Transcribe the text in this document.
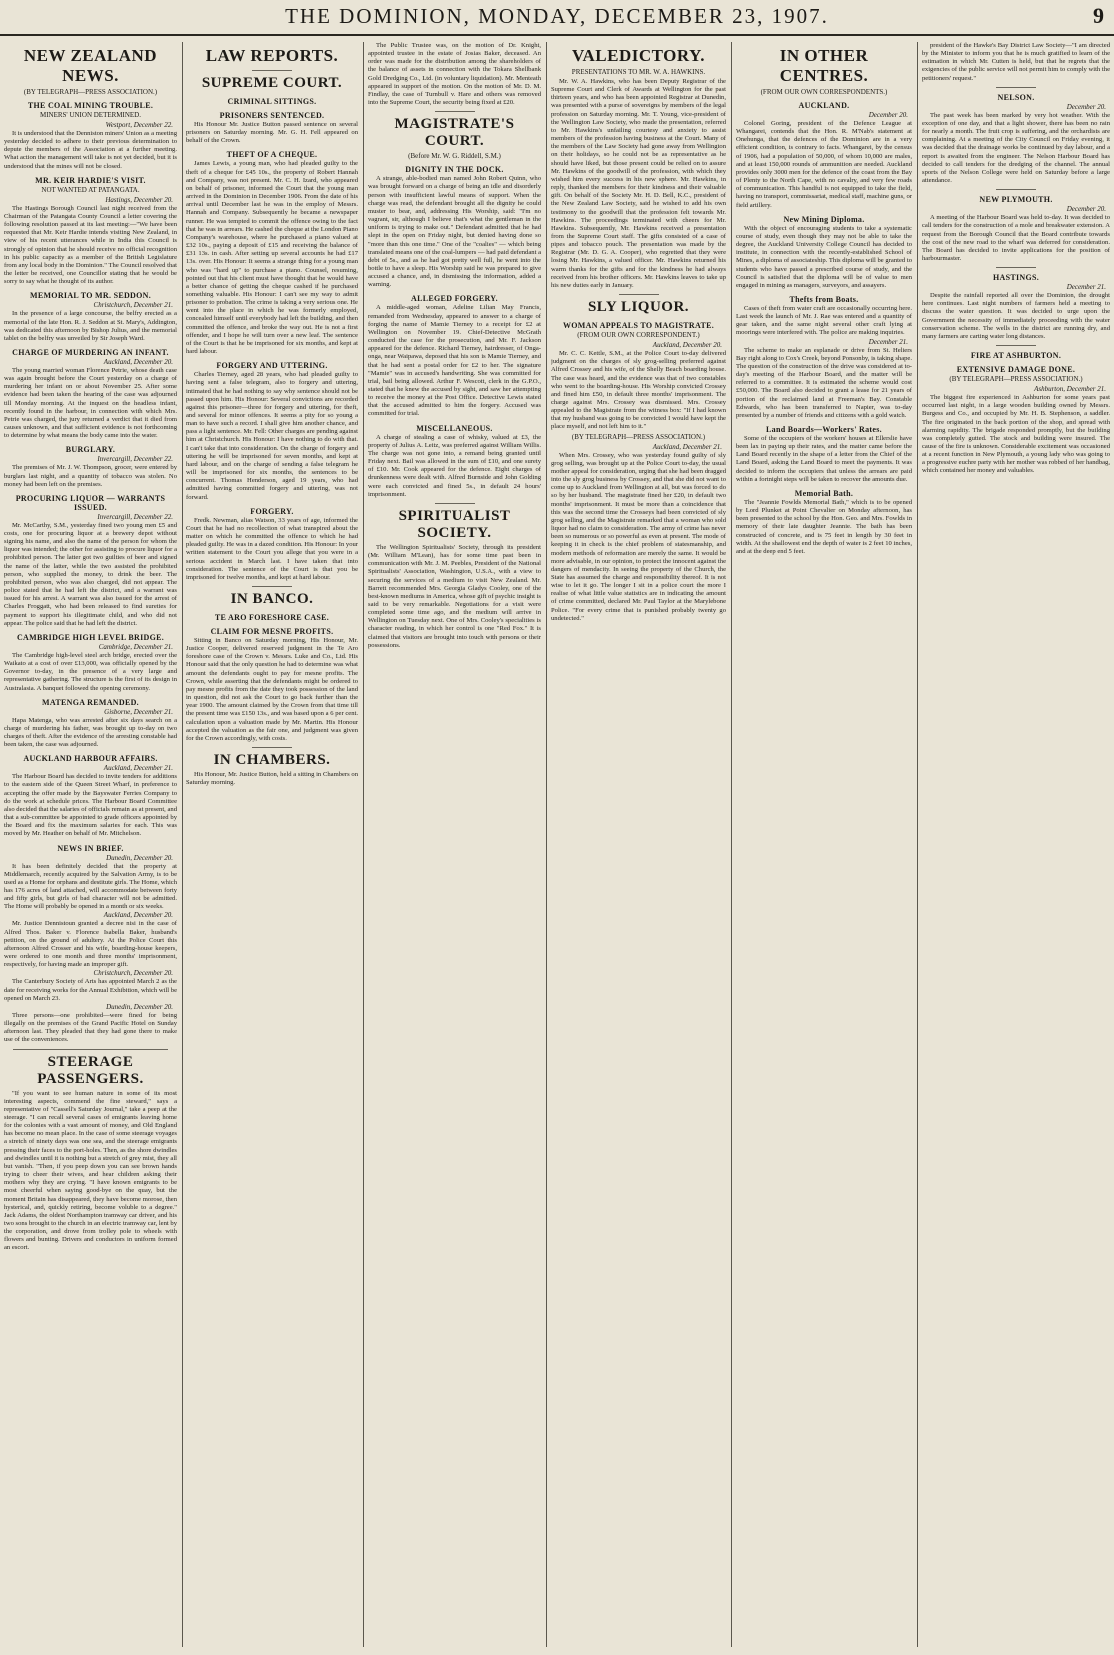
THE DOMINION, MONDAY, DECEMBER 23, 1907.	9
NEW ZEALAND NEWS.
(BY TELEGRAPH—PRESS ASSOCIATION.)
THE COAL MINING TROUBLE.
MINERS' UNION DETERMINED.
Westport, December 22.

It is understood that the Denniston miners' Union as a meeting yesterday decided to adhere to their previous determination to depute the members of the Association at a further meeting. What action the management will take is not yet decided, but it is understood that the mines will not be closed.

MR. KEIR HARDIE'S VISIT.
NOT WANTED AT PATANGATA.
Hastings, December 20.

The Hastings Borough Council last night received from the Chairman of the Patangata County Council a letter covering the following resolution passed at its last meeting:—"We have been requested that Mr. Keir Hardie intends visiting New Zealand, in view of his recent utterances while in India this Council is strongly of opinion that he should receive no official recognition in his public capacity as a member of the British Legislature from any local body in the Dominion." The Council resolved that the letter be received, one Councillor stating that he would be sorry to say what he thought of its author.

MEMORIAL TO MR. SEDDON.
Christchurch, December 21.

In the presence of a large concourse, the belfry erected as a memorial of the late Hon. R. J. Seddon at St. Mary's, Addington, was dedicated this afternoon by Bishop Julius, and the memorial tablet on the belfry was unveiled by Sir Joseph Ward.

CHARGE OF MURDERING AN INFANT.
Auckland, December 20.

The young married woman Florence Petrie, whose death case was again brought before the Court yesterday on a charge of murdering her infant on or about November 25. After some evidence had been taken the hearing of the case was adjourned till Monday morning. At the inquest on the headless infant, recently found in the harbour, in connection with which Mrs. Petrie was charged, the jury returned a verdict that it died from causes unknown, and that sufficient evidence is not forthcoming to determine by what means the body came into the water.

BURGLARY.
Invercargill, December 22.

The premises of Mr. J. W. Thompson, grocer, were entered by burglars last night, and a quantity of tobacco was stolen. No money had been left on the premises.

PROCURING LIQUOR — WARRANTS ISSUED.
Invercargill, December 22.

Mr. McCarthy, S.M., yesterday fined two young men £5 and costs, one for procuring liquor at a brewery depot without signing his name, and also the name of the person for whom the liquor was intended; the other for assisting to procure liquor for a prohibited person. The latter got two guilties of beer and signed the name of the latter, while the two assisted the prohibited person, who supplied the money, to drink the beer. The prohibited person, who was also charged, did not appear. The police stated that he had left the district, and a warrant was issued for his arrest. A warrant was also issued for the arrest of Charles Froggatt, who had been released to find sureties for payment to support his illegitimate child, and who did not appear. The police said that he had left the district.

CAMBRIDGE HIGH LEVEL BRIDGE.
Cambridge, December 21.

The Cambridge high-level steel arch bridge, erected over the Waikato at a cost of over £13,000, was officially opened by the Governor to-day, in the presence of a very large and representative gathering. The structure is the first of its design in Australasia. A banquet followed the opening ceremony.

MATENGA REMANDED.
Gisborne, December 21.

Hapa Matenga, who was arrested after six days search on a charge of murdering his father, was brought up to-day on two charges of theft. After the evidence of the arresting constable had been taken, the case was adjourned.

AUCKLAND HARBOUR AFFAIRS.
Auckland, December 21.

The Harbour Board has decided to invite tenders for additions to the eastern side of the Queen Street Wharf, in preference to accepting the offer made by the Bayswater Ferries Company to do the work at schedule prices. The Harbour Board Committee also decided that the salaries of officials remain as at present, and that a sub-committee be appointed to grade officers appointed by the Board and fix the maximum salaries for each. This was moved by Mr. Heather on behalf of Mr. Mitchelson.

NEWS IN BRIEF.
Dunedin, December 20.

It has been definitely decided that the property at Middlemarch, recently acquired by the Salvation Army, is to be used as a Home for orphans and destitute girls. The Home, which has 176 acres of land attached, will accommodate between forty and fifty girls, but girls of bad character will not be admitted. The Home will probably be opened in a month or six weeks.

Auckland, December 20.

Mr. Justice Dennistoun granted a decree nisi in the case of Alfred Thos. Baker v. Florence Isabella Baker, husband's petition, on the ground of adultery. At the Police Court this afternoon Alfred Crosser and his wife, boarding-house keepers, were ordered to one month and three months' imprisonment, respectively, for having made an improper gift.

Christchurch, December 20.

The Canterbury Society of Arts has appointed March 2 as the date for receiving works for the Annual Exhibition, which will be opened on March 23.

Dunedin, December 20.

Three persons—one prohibited—were fined for being illegally on the premises of the Grand Pacific Hotel on Sunday afternoon last. They pleaded that they had gone there to make use of the conveniences.

STEERAGE PASSENGERS.

"If you want to see human nature in some of its most interesting aspects, commend the fine steward," says a representative of "Cassell's Saturday Journal," take a peep at the steerage. "I can recall several cases of emigrants leaving home for the colonies with a vast amount of money, and Old England has become no mean place. In the case of some steerage voyages a stretch of ninety days was one sea, and the steerage emigrants pressing their faces to the port-holes. Then, as the shore dwindles and dwindles until it is nothing but a stretch of grey mist, they all but vanish. "Then, if you peep down you can see brown hands trying to cheer their wives, and hear children asking their mothers why they are crying. "I have known emigrants to be most cheerful when saying good-bye on the quay, but the moment Britain has disappeared, they have become morose, then hysterical, and, quickly retiring, become voluble to a degree." Jack Adams, the oldest Northampton tramway car driver, and his two sons brought to the church in an electric tramway car, lent by the corporation, and drove from trolley pole to wheels with flowers and bunting. Drivers and conductors in uniform formed an escort.

LAW REPORTS.
SUPREME COURT.
CRIMINAL SITTINGS.
PRISONERS SENTENCED.

His Honour Mr. Justice Button passed sentence on several prisoners on Saturday morning. Mr. G. H. Fell appeared on behalf of the Crown.

THEFT OF A CHEQUE.

James Lewis, a young man, who had pleaded guilty to the theft of a cheque for £45 10s., the property of Robert Hannah and Company, was not present. Mr. C. H. Izard, who appeared on behalf of prisoner, informed the Court that the young man arrived in the Dominion in December 1906. From the date of his arrival until December last he was in the employ of Messrs. Hannah and Company. Subsequently he became a newspaper runner. He was tempted to commit the offence owing to the fact that he was in arrears. He cashed the cheque at the London Piano Company's warehouse, where he purchased a piano valued at £32 10s., paying a deposit of £15 and receiving the balance of £31 13s. in cash. After setting up several accounts he had £17 13s. over. His Honour: It seems a strange thing for a young man who was "hard up" to purchase a piano. Counsel, resuming, pointed out that his client must have thought that he would have a better chance of getting the cheque cashed if he purchased something valuable. His Honour: I can't see my way to admit prisoner to probation. The crime is taking a very serious one. He went into the place in which he was formerly employed, concealed himself until everybody had left the building, and then committed the offence, and broke the way out. He is not a first offender, and I hope he will turn over a new leaf. The sentence of the Court is that he be imprisoned for six months, and kept at hard labour.

FORGERY AND UTTERING.

Charles Tierney, aged 28 years, who had pleaded guilty to having sent a false telegram, also to forgery and uttering, intimated that he had nothing to say why sentence should not be passed upon him. His Honour: Several convictions are recorded against this prisoner—three for forgery and uttering, for theft, and several for minor offences. It seems a pity for so young a man to have such a record. I shall give him another chance, and pass a light sentence. Mr. Fell: Other charges are pending against him at Christchurch. His Honour: I have nothing to do with that. I can't take that into consideration. On the charge of forgery and uttering he will be imprisoned for seven months, and kept at hard labour, and on the charge of sending a false telegram he will be imprisoned for six months, the sentences to be concurrent. Thomas Henderson, aged 19 years, who had admitted having committed forgery and uttering, was not forward.

FORGERY.

Fredk. Newman, alias Watson, 33 years of age, informed the Court that he had no recollection of what transpired about the matter on which he committed the offence to which he had pleaded guilty. He was in a dazed condition. His Honour: In your written statement to the Court you allege that you were in a serious accident in March last. I have taken that into consideration. The sentence of the Court is that you be imprisoned for twelve months, and kept at hard labour.

IN BANCO.
TE ARO FORESHORE CASE.
CLAIM FOR MESNE PROFITS.

Sitting in Banco on Saturday morning, His Honour, Mr. Justice Cooper, delivered reserved judgment in the Te Aro foreshore case of the Crown v. Messrs. Luke and Co., Ltd. His Honour said that the only question he had to determine was what amount the defendants ought to pay for mesne profits. The Crown, while asserting that the defendants might be ordered to pay mesne profits from the date they took possession of the land in question, did not ask the Court to go back further than the year 1900. The amount claimed by the Crown from that time till the present time was £150 13s., and was based upon a 6 per cent. calculation upon a valuation made by Mr. Martin. His Honour accepted the valuation as the fair one, and judgment was given for the Crown accordingly, with costs.

IN CHAMBERS.

His Honour, Mr. Justice Button, held a sitting in Chambers on Saturday morning.

The Public Trustee was, on the motion of Dr. Knight, appointed trustee in the estate of Josias Baker, deceased. An order was made for the distribution among the shareholders of the balance of assets in connection with the Tokara Shellbank Gold Dredging Co., Ltd. (in voluntary liquidation). Mr. Menteath appeared in support of the motion. On the motion of Mr. D. M. Findlay, the case of Turnbull v. Hare and others was removed into the Supreme Court, the security being fixed at £20.

MAGISTRATE'S COURT.
(Before Mr. W. G. Riddell, S.M.)
DIGNITY IN THE DOCK.

A strange, able-bodied man named John Robert Quinn, who was brought forward on a charge of being an idle and disorderly person with insufficient lawful means of support. When the charge was read, the defendant brought all the dignity he could muster to bear, and, addressing His Worship, said: "I'm no vagrant, sir, although I believe that's what the gentleman in the uniform is trying to make out." Defendant admitted that he had slept in the open on Friday night, but denied having done so "more than this one time." One of the "coalies" — which being translated means one of the coal-lumpers — had paid defendant a debt of 5s., and as he had got pretty well full, he went into the bottle to have a sleep. His Worship said he was prepared to give accused a chance, and, in dismissing the information, added a warning.

ALLEGED FORGERY.

A middle-aged woman, Adeline Lilian May Francis, remanded from Wednesday, appeared to answer to a charge of forging the name of Mamie Tierney to a receipt for £2 at Wellington on November 19. Chief-Detective McGrath conducted the case for the prosecution, and Mr. F. Jackson appeared for the defence. Richard Tierney, hairdresser, of Onga-onga, near Waipawa, deposed that his son is Mamie Tierney, and that he had sent a postal order for £2 to her. The signature "Mamie" was in accused's handwriting. She was committed for trial, bail being allowed. Arthur F. Wescott, clerk in the G.P.O., stated that he knew the accused by sight, and saw her attempting to receive the money at the Post Office. Detective Lewis stated that the accused admitted to him the forgery. Accused was committed for trial.

MISCELLANEOUS.

A charge of stealing a case of whisky, valued at £3, the property of Julius A. Leitz, was preferred against William Willis. The charge was not gone into, a remand being granted until Friday next. Bail was allowed in the sum of £10, and one surety of £10. Mr. Cook appeared for the defence. Eight charges of drunkenness were dealt with. Alfred Burnside and John Golding were each convicted and fined 5s., in default 24 hours' imprisonment.

SPIRITUALIST SOCIETY.

The Wellington Spiritualists' Society, through its president (Mr. William M'Lean), has for some time past been in communication with Mr. J. M. Peebles, President of the National Spiritualists' Association, Washington, U.S.A., with a view to securing the services of a medium to visit New Zealand. Mr. Barrett recommended Mrs. Georgia Gladys Cooley, one of the best-known mediums in America, whose gift of psychic insight is said to be very remarkable. Negotiations for a visit were completed some time ago, and the medium will arrive in Wellington on Tuesday next. One of Mrs. Cooley's specialities is character reading, in which her control is one "Red Fox." It is claimed that visitors are brought into touch with persons or their possessions.

VALEDICTORY.
PRESENTATIONS TO MR. W. A. HAWKINS.

Mr. W. A. Hawkins, who has been Deputy Registrar of the Supreme Court and Clerk of Awards at Wellington for the past thirteen years, and who has been appointed Registrar at Dunedin, was presented with a purse of sovereigns by members of the legal profession on Saturday morning. Mr. T. Young, vice-president of the Wellington Law Society, who made the presentation, referred to Mr. Hawkins's unfailing courtesy and anxiety to assist members of the profession having business at the Court. Many of the members of the Law Society had gone away from Wellington on their holidays, so he could not be as representative as he should have liked, but those present could be relied on to assure Mr. Hawkins of the goodwill of the profession, with which they wished him every success in his new sphere. Mr. Hawkins, in reply, thanked the members for their kindness and their valuable gift. On behalf of the Society Mr. H. D. Bell, K.C., president of the New Zealand Law Society, said he wished to add his own testimony to the goodwill that the profession felt towards Mr. Hawkins. The proceedings terminated with cheers for Mr. Hawkins. Subsequently, Mr. Hawkins received a presentation from the Supreme Court staff. The gifts consisted of a case of pipes and tobacco pouch. The presentation was made by the Registrar (Mr. D. G. A. Cooper), who regretted that they were losing Mr. Hawkins, a valued officer. Mr. Hawkins returned his warm thanks for the gifts and for the kindness he had always received from his brother officers. Mr. Hawkins leaves to take up his new duties early in January.

SLY LIQUOR.
WOMAN APPEALS TO MAGISTRATE.
(FROM OUR OWN CORRESPONDENT.)
Auckland, December 20.

Mr. C. C. Kettle, S.M., at the Police Court to-day delivered judgment on the charges of sly grog-selling preferred against Alfred Crossey and his wife, of the Shelly Beach boarding house. The case was heard, and the evidence was that of two constables who went to the boarding-house. His Worship convicted Crossey and fined him £50, in default three months' imprisonment. The charge against Mrs. Crossey was dismissed. Mrs. Crossey appealed to the Magistrate from the witness box: "If I had known that my husband was going to be convicted I would have kept the place myself, and not left him to it."

(BY TELEGRAPH—PRESS ASSOCIATION.)
Auckland, December 21.

When Mrs. Crossey, who was yesterday found guilty of sly grog selling, was brought up at the Police Court to-day, the usual mother appeal for consideration, urging that she had been dragged into the sly grog business by Crossey, and that she did not want to come up to Auckland from Wellington at all, but was forced to do so by her husband. The magistrate fined her £20, in default two months' imprisonment. It must be more than a coincidence that this was the second time the Crosseys had been convicted of sly grog selling, and the Magistrate remarked that a woman who sold liquor had no claim to consideration. The army of crime has never been so numerous or so powerful as even at present. The mode of keeping it in check is the chief problem of statesmanship, and modern methods of reformation are merely the same. It would be more advisable, in our opinion, to protect the innocent against the dangers of mendacity. In seeing the property of the Church, the State has assumed the charge and responsibility thereof. It is not wise to let it go. The longer I sit in a police court the more I realise of what little value statistics are in indicating the amount of crime committed, declared Mr. Paul Taylor at the Marylebone Police. "For every crime that is punished probably twenty go undetected."

IN OTHER CENTRES.
(FROM OUR OWN CORRESPONDENTS.)
AUCKLAND.
December 20.

Colonel Goring, president of the Defence League at Whangarei, contends that the Hon. R. M'Nab's statement at Onehunga, that the defences of the Dominion are in a very efficient condition, is contrary to facts. Whangarei, by the census of 1906, had a population of 50,000, of whom 10,000 are males, and at least 150,000 rounds of ammunition are needed. Auckland provides only 3000 men for the defence of the coast from the Bay of Plenty to the North Cape, with no cavalry, and very few roads of communication. This handful is not equipped to take the field, having no transport, commissariat, medical staff, machine guns, or field artillery.

New Mining Diploma.

With the object of encouraging students to take a systematic course of study, even though they may not be able to take the degree, the Auckland University College Council has decided to institute, in connection with the recently-established School of Mines, a diploma of associateship. This diploma will be granted to students who have passed a prescribed course of study, and the Council is satisfied that the diploma will be of value to men engaged in mining as managers, surveyors, and assayers.

Thefts from Boats.

Cases of theft from water craft are occasionally occurring here. Last week the launch of Mr. J. Rae was entered and a quantity of gear taken, and the same night several other craft lying at moorings were interfered with. The police are making inquiries.

December 21.

The scheme to make an esplanade or drive from St. Heliers Bay right along to Cox's Creek, beyond Ponsonby, is taking shape. The question of the construction of the drive was considered at to-day's meeting of the Harbour Board, and the matter will be referred to a committee. It is estimated the scheme would cost £50,000. The Board also decided to grant a lease for 21 years of portion of the reclaimed land at Freeman's Bay. Constable Edwards, who has been transferred to Napier, was to-day presented by a number of friends and citizens with a gold watch.

Land Boards—Workers' Rates.

Some of the occupiers of the workers' houses at Ellerslie have been lax in paying up their rates, and the matter came before the Land Board recently in the shape of a letter from the Chief of the Land Board, asking the Land Board to meet the payments. It was decided to inform the occupiers that unless the arrears are paid within a fortnight steps will be taken to recover the amounts due.

Memorial Bath.

The "Jeannie Fowlds Memorial Bath," which is to be opened by Lord Plunket at Point Chevalier on Monday afternoon, has been presented to the school by the Hon. Geo. and Mrs. Fowlds in memory of their late daughter Jeannie. The bath has been constructed of concrete, and is 75 feet in length by 30 feet in width. At the shallowest end the depth of water is 2 feet 10 inches, and at the deep end 5 feet.

president of the Hawke's Bay District Law Society—"I am directed by the Minister to inform you that he is much gratified to learn of the estimation in which Mr. Cutten is held, but that he regrets that the exigencies of the public service will not permit him to comply with the petitioners' request."

NELSON.
December 20.

The past week has been marked by very hot weather. With the exception of one day, and that a light shower, there has been no rain for nearly a month. The fruit crop is suffering, and the orchardists are complaining. At a meeting of the City Council on Friday evening, it was decided that the drainage works be continued by day labour, and a report is awaited from the engineer. The Nelson Harbour Board has decided to call tenders for the dredging of the channel. The annual sports of the Nelson College were held on Saturday before a large attendance.

NEW PLYMOUTH.
December 20.

A meeting of the Harbour Board was held to-day. It was decided to call tenders for the construction of a mole and breakwater extension. A request from the Borough Council that the Board contribute towards the cost of the new road to the wharf was deferred for consideration. The Board has decided to invite applications for the position of harbourmaster.

HASTINGS.
December 21.

Despite the rainfall reported all over the Dominion, the drought here continues. Last night numbers of farmers held a meeting to discuss the water question. It was decided to urge upon the Government the necessity of immediately proceeding with the water conservation scheme. The wells in the district are running dry, and many farmers are carting water long distances.

FIRE AT ASHBURTON.
EXTENSIVE DAMAGE DONE.
(BY TELEGRAPH—PRESS ASSOCIATION.)
Ashburton, December 21.

The biggest fire experienced in Ashburton for some years past occurred last night, in a large wooden building owned by Messrs. Burgess and Co., and occupied by Mr. H. B. Stephenson, a saddler. The fire originated in the back portion of the shop, and spread with alarming rapidity. The brigade responded promptly, but the building was completely gutted. The stock and building were insured. The cause of the fire is unknown. Considerable excitement was occasioned at a recent function in New Plymouth, a young lady who was going to a progressive euchre party with her mother was robbed of her handbag, which contained her money and valuables.
